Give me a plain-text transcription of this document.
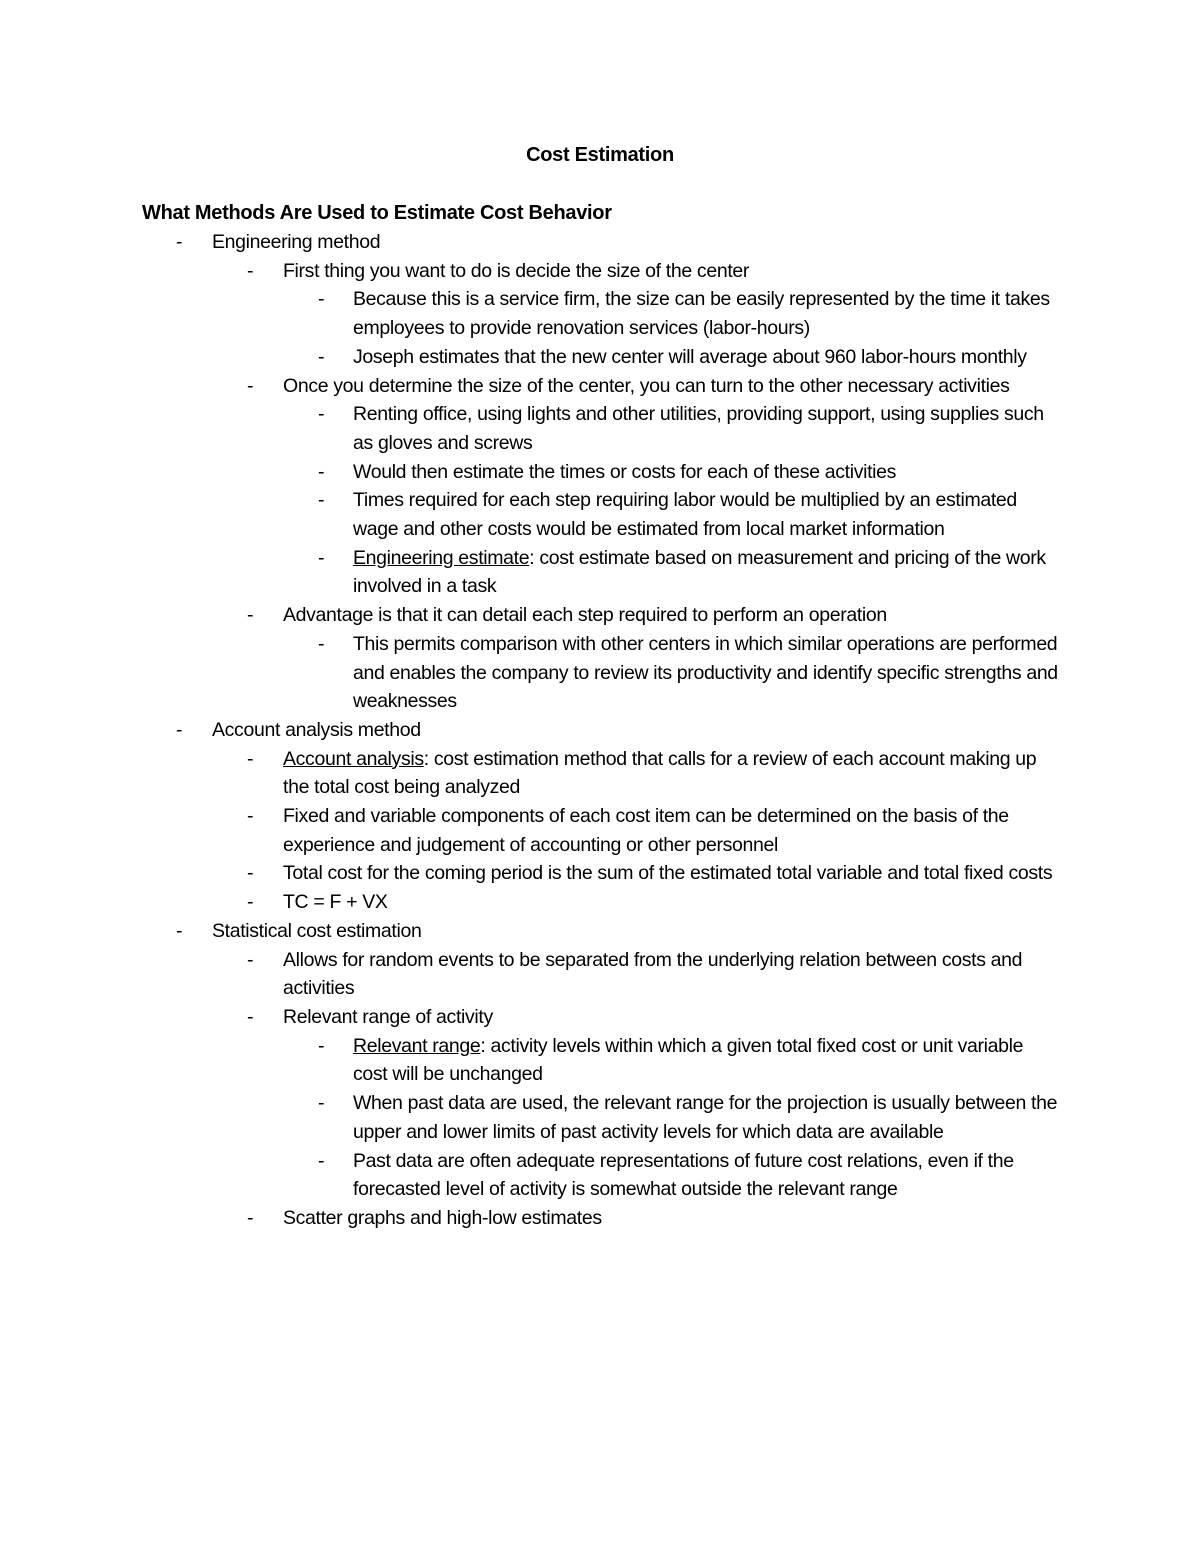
Cost Estimation
What Methods Are Used to Estimate Cost Behavior
- Engineering method
- First thing you want to do is decide the size of the center
- Because this is a service firm, the size can be easily represented by the time it takes employees to provide renovation services (labor-hours)
- Joseph estimates that the new center will average about 960 labor-hours monthly
- Once you determine the size of the center, you can turn to the other necessary activities
- Renting office, using lights and other utilities, providing support, using supplies such as gloves and screws
- Would then estimate the times or costs for each of these activities
- Times required for each step requiring labor would be multiplied by an estimated wage and other costs would be estimated from local market information
- Engineering estimate: cost estimate based on measurement and pricing of the work involved in a task
- Advantage is that it can detail each step required to perform an operation
- This permits comparison with other centers in which similar operations are performed and enables the company to review its productivity and identify specific strengths and weaknesses
- Account analysis method
- Account analysis: cost estimation method that calls for a review of each account making up the total cost being analyzed
- Fixed and variable components of each cost item can be determined on the basis of the experience and judgement of accounting or other personnel
- Total cost for the coming period is the sum of the estimated total variable and total fixed costs
- TC = F + VX
- Statistical cost estimation
- Allows for random events to be separated from the underlying relation between costs and activities
- Relevant range of activity
- Relevant range: activity levels within which a given total fixed cost or unit variable cost will be unchanged
- When past data are used, the relevant range for the projection is usually between the upper and lower limits of past activity levels for which data are available
- Past data are often adequate representations of future cost relations, even if the forecasted level of activity is somewhat outside the relevant range
- Scatter graphs and high-low estimates
